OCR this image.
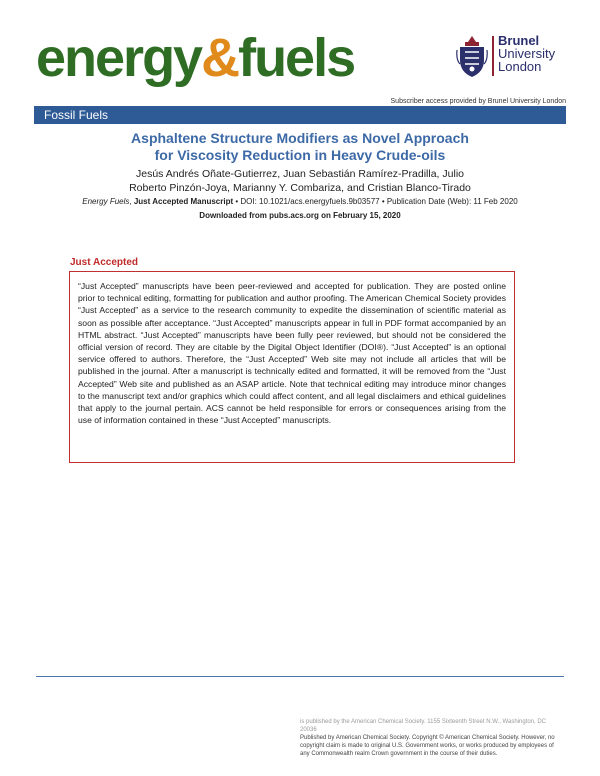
energy&fuels	Brunel
University
London
Subscriber access provided by Brunel University London
Fossil Fuels
Asphaltene Structure Modifiers as Novel Approach
for Viscosity Reduction in Heavy Crude-oils
Jesús Andrés Oñate-Gutierrez, Juan Sebastián Ramírez-Pradilla, Julio
Roberto Pinzón-Joya, Marianny Y. Combariza, and Cristian Blanco-Tirado
Energy Fuels, Just Accepted Manuscript • DOI: 10.1021/acs.energyfuels.9b03577 • Publication Date (Web): 11 Feb 2020
Downloaded from pubs.acs.org on February 15, 2020
Just Accepted

“Just Accepted” manuscripts have been peer-reviewed and accepted for publication. They are posted online prior to technical editing, formatting for publication and author proofing. The American Chemical Society provides “Just Accepted” as a service to the research community to expedite the dissemination of scientific material as soon as possible after acceptance. “Just Accepted” manuscripts appear in full in PDF format accompanied by an HTML abstract. “Just Accepted” manuscripts have been fully peer reviewed, but should not be considered the official version of record. They are citable by the Digital Object Identifier (DOI®). “Just Accepted” is an optional service offered to authors. Therefore, the “Just Accepted” Web site may not include all articles that will be published in the journal. After a manuscript is technically edited and formatted, it will be removed from the “Just Accepted” Web site and published as an ASAP article. Note that technical editing may introduce minor changes to the manuscript text and/or graphics which could affect content, and all legal disclaimers and ethical guidelines that apply to the journal pertain. ACS cannot be held responsible for errors or consequences arising from the use of information contained in these “Just Accepted” manuscripts.

is published by the American Chemical Society. 1155 Sixteenth Street N.W., Washington, DC 20036
Published by American Chemical Society. Copyright © American Chemical Society. However, no copyright claim is made to original U.S. Government works, or works produced by employees of any Commonwealth realm Crown government in the course of their duties.
